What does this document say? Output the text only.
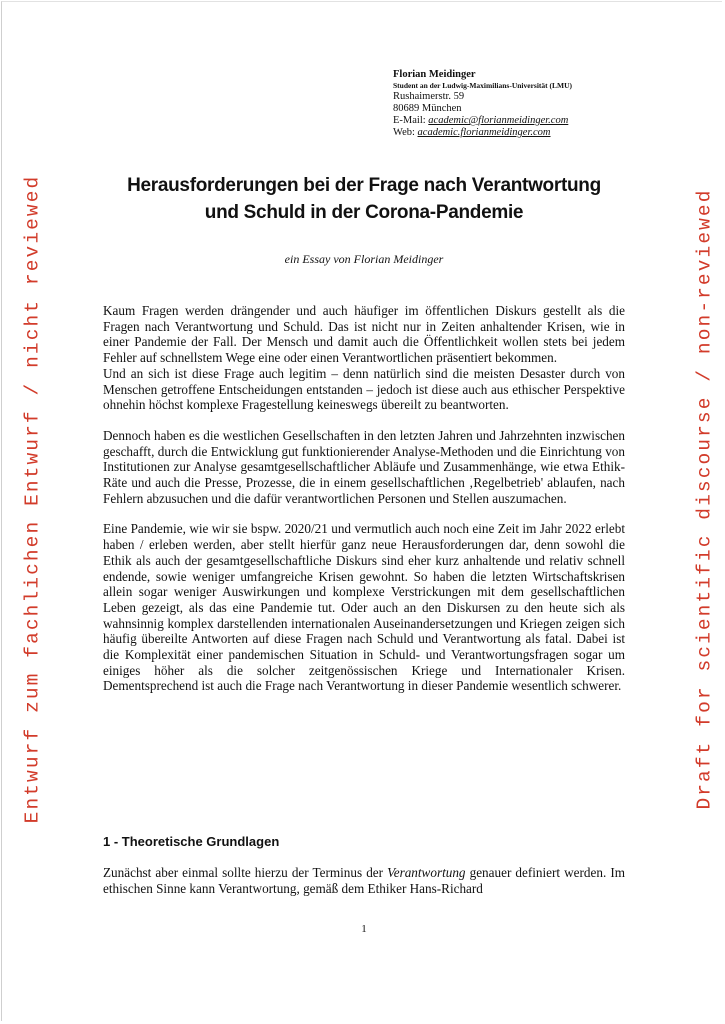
Entwurf zum fachlichen Entwurf / nicht reviewed	Draft for scientific discourse / non-reviewed
Florian Meidinger
Student an der Ludwig-Maximilians-Universität (LMU)
Rushaimerstr. 59
80689 München
E-Mail: academic@florianmeidinger.com
Web: academic.florianmeidinger.com
Herausforderungen bei der Frage nach Verantwortung
und Schuld in der Corona-Pandemie
ein Essay von Florian Meidinger

Kaum Fragen werden drängender und auch häufiger im öffentlichen Diskurs gestellt als die Fragen nach Verantwortung und Schuld. Das ist nicht nur in Zeiten anhaltender Krisen, wie in einer Pandemie der Fall. Der Mensch und damit auch die Öffentlichkeit wollen stets bei jedem Fehler auf schnellstem Wege eine oder einen Verantwortlichen präsentiert bekommen.

Und an sich ist diese Frage auch legitim – denn natürlich sind die meisten Desaster durch von Menschen getroffene Entscheidungen entstanden – jedoch ist diese auch aus ethischer Perspektive ohnehin höchst komplexe Fragestellung keineswegs übereilt zu beantworten.

Dennoch haben es die westlichen Gesellschaften in den letzten Jahren und Jahrzehnten inzwischen geschafft, durch die Entwicklung gut funktionierender Analyse-Methoden und die Einrichtung von Institutionen zur Analyse gesamtgesellschaftlicher Abläufe und Zusammenhänge, wie etwa Ethik-Räte und auch die Presse, Prozesse, die in einem gesellschaftlichen ‚Regelbetrieb' ablaufen, nach Fehlern abzusuchen und die dafür verantwortlichen Personen und Stellen auszumachen.

Eine Pandemie, wie wir sie bspw. 2020/21 und vermutlich auch noch eine Zeit im Jahr 2022 erlebt haben / erleben werden, aber stellt hierfür ganz neue Herausforderungen dar, denn sowohl die Ethik als auch der gesamtgesellschaftliche Diskurs sind eher kurz anhaltende und relativ schnell endende, sowie weniger umfangreiche Krisen gewohnt. So haben die letzten Wirtschaftskrisen allein sogar weniger Auswirkungen und komplexe Verstrickungen mit dem gesellschaftlichen Leben gezeigt, als das eine Pandemie tut. Oder auch an den Diskursen zu den heute sich als wahnsinnig komplex darstellenden internationalen Auseinandersetzungen und Kriegen zeigen sich häufig übereilte Antworten auf diese Fragen nach Schuld und Verantwortung als fatal. Dabei ist die Komplexität einer pandemischen Situation in Schuld- und Verantwortungsfragen sogar um einiges höher als die solcher zeitgenössischen Kriege und Internationaler Krisen. Dementsprechend ist auch die Frage nach Verantwortung in dieser Pandemie wesentlich schwerer.

1 - Theoretische Grundlagen

Zunächst aber einmal sollte hierzu der Terminus der Verantwortung genauer definiert werden. Im ethischen Sinne kann Verantwortung, gemäß dem Ethiker Hans-Richard

1
